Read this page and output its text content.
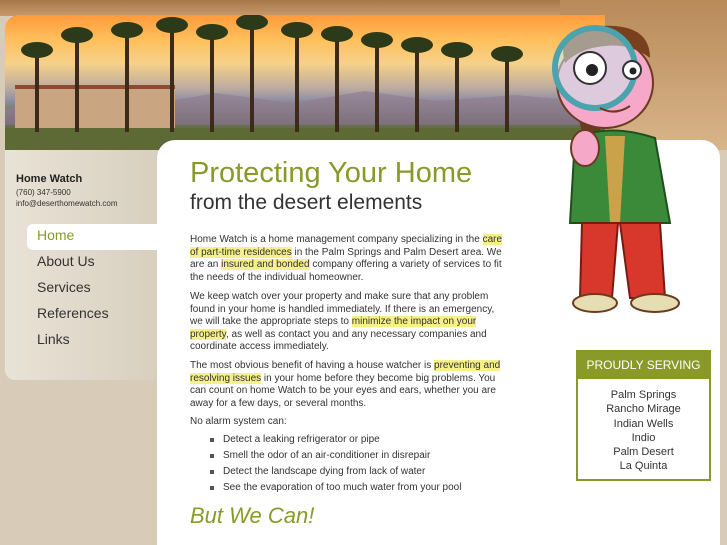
Home Watch
(760) 347-5900
info@deserthomewatch.com
Home
About Us
Services
References
Links
Protecting Your Home
from the desert elements
Home Watch is a home management company specializing in the care of part-time residences in the Palm Springs and Palm Desert area. We are an insured and bonded company offering a variety of services to fit the needs of the individual homeowner.
We keep watch over your property and make sure that any problem found in your home is handled immediately. If there is an emergency, we will take the appropriate steps to minimize the impact on your property, as well as contact you and any necessary companies and coordinate access immediately.
The most obvious benefit of having a house watcher is preventing and resolving issues in your home before they become big problems. You can count on home Watch to be your eyes and ears, whether you are away for a few days, or several months.
No alarm system can:
Detect a leaking refrigerator or pipe
Smell the odor of an air-conditioner in disrepair
Detect the landscape dying from lack of water
See the evaporation of too much water from your pool
But We Can!
PROUDLY SERVING
Palm Springs
Rancho Mirage
Indian Wells
Indio
Palm Desert
La Quinta
